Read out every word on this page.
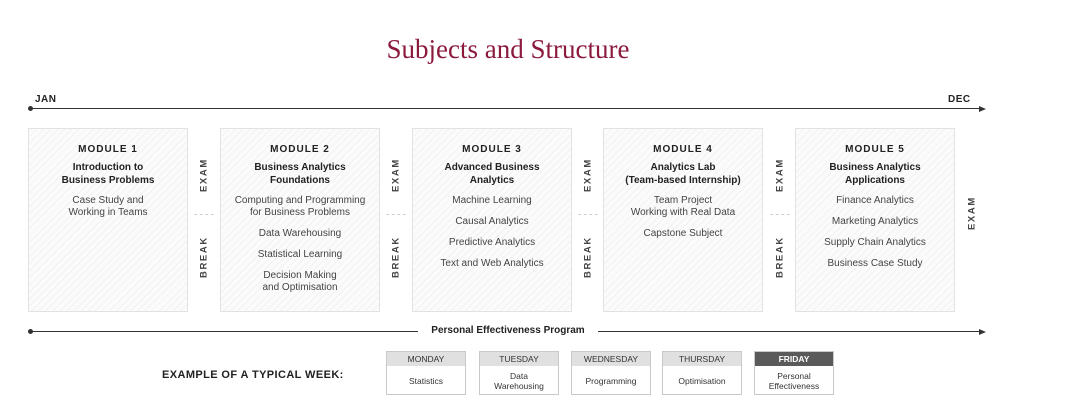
Subjects and Structure
JAN	DEC
MODULE 1
Introduction to
Business Problems
Case Study and
Working in Teams
MODULE 2
Business Analytics
Foundations
Computing and Programming
for Business Problems
Data Warehousing
Statistical Learning
Decision Making
and Optimisation
MODULE 3
Advanced Business
Analytics
Machine Learning
Causal Analytics
Predictive Analytics
Text and Web Analytics
MODULE 4
Analytics Lab
(Team-based Internship)
Team Project
Working with Real Data
Capstone Subject
MODULE 5
Business Analytics
Applications
Finance Analytics
Marketing Analytics
Supply Chain Analytics
Business Case Study
EXAM
BREAK
EXAM
BREAK
EXAM
BREAK
EXAM
BREAK
EXAM
Personal Effectiveness Program
EXAMPLE OF A TYPICAL WEEK:
MONDAY
Statistics
TUESDAY
Data
Warehousing
WEDNESDAY
Programming
THURSDAY
Optimisation
FRIDAY
Personal
Effectiveness
